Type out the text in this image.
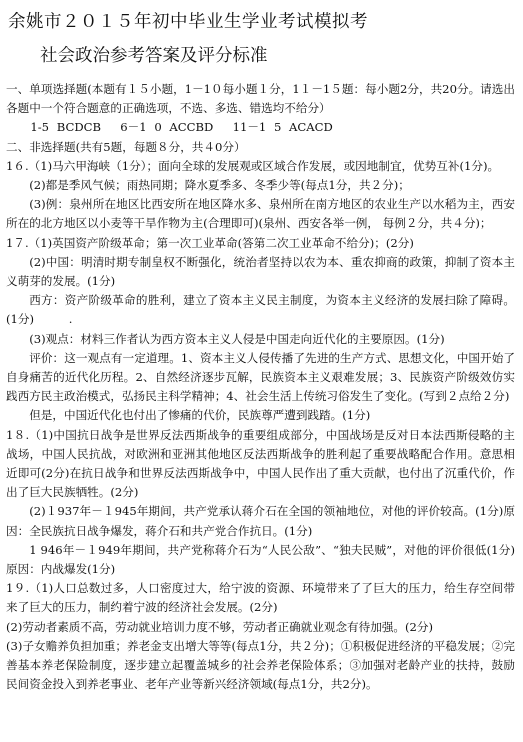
余姚市２０１５年初中毕业生学业考试模拟考
社会政治参考答案及评分标准

一、单项选择题(本题有１５小题，1－1０每小题１分，1１－1５题：每小题2分，共20分。请选出各题中一个符合题意的正确选项，不选、多选、错选均不给分）

1-5 BCDCB　 6－1 0 ACCBD　 11－1 5 ACACD

二、非选择题(共有5题，每题８分，共４0分）

1６.（1)马六甲海峡（1分）；面向全球的发展观或区域合作发展，或因地制宜，优势互补(1分)。

(2)都是季风气候；雨热同期；降水夏季多、冬季少等(每点1分，共２分)；

(3)例：泉州所在地区比西安所在地区降水多、泉州所在南方地区的农业生产以水稻为主，西安所在的北方地区以小麦等干旱作物为主(合理即可)(泉州、西安各举一例， 每例２分，共４分)；

1７.（1)英国资产阶级革命；第一次工业革命(答第二次工业革命不给分)；(2分)

(2)中国：明清时期专制皇权不断强化，统治者坚持以农为本、重农抑商的政策，抑制了资本主义萌芽的发展。(1分)

西方：资产阶级革命的胜利，建立了资本主义民主制度，为资本主义经济的发展扫除了障碍。(1分)　　　.

(3)观点：材料三作者认为西方资本主义人侵是中国走向近代化的主要原因。(1分)

评价：这一观点有一定道理。1、资本主义人侵传播了先进的生产方式、思想文化，中国开始了自身痛苦的近代化历程。2、自然经济逐步瓦解，民族资本主义艰难发展；3、民族资产阶级效仿实践西方民主政治模式，弘扬民主科学精神；4、社会生活上传统习俗发生了变化。(写到２点给２分)

但是，中国近代化也付出了惨痛的代价，民族尊严遭到践踏。(1分)

1８.（1)中国抗日战争是世界反法西斯战争的重要组成部分，中国战场是反对日本法西斯侵略的主战场，中国人民抗战，对欧洲和亚洲其他地区反法西斯战争的胜利起了重要战略配合作用。意思相近即可(2分)在抗日战争和世界反法西斯战争中，中国人民作出了重大贡献，也付出了沉重代价，作出了巨大民族牺牲。(2分)

(2)１937年－１945年期间，共产党承认蒋介石在全国的领袖地位，对他的评价较高。(1分)原因：全民族抗日战争爆发，蒋介石和共产党合作抗日。(1分)

1 946年－１949年期间，共产党称蒋介石为“人民公敌”、“独夫民贼”，对他的评价很低(1分)原因：内战爆发(1分)

1９.（1)人口总数过多，人口密度过大，给宁波的资源、环境带来了了巨大的压力，给生存空间带来了巨大的压力，制约着宁波的经济社会发展。(2分)

(2)劳动者素质不高，劳动就业培训力度不够，劳动者正确就业观念有待加强。(2分)

(3)子女赡养负担加重；养老金支出增大等等(每点1分，共２分)；①积极促进经济的平稳发展；②完善基本养老保险制度，逐步建立起覆盖城乡的社会养老保险体系；③加强对老龄产业的扶持，鼓励民间资金投入到养老事业、老年产业等新兴经济领域(每点1分，共2分)。
